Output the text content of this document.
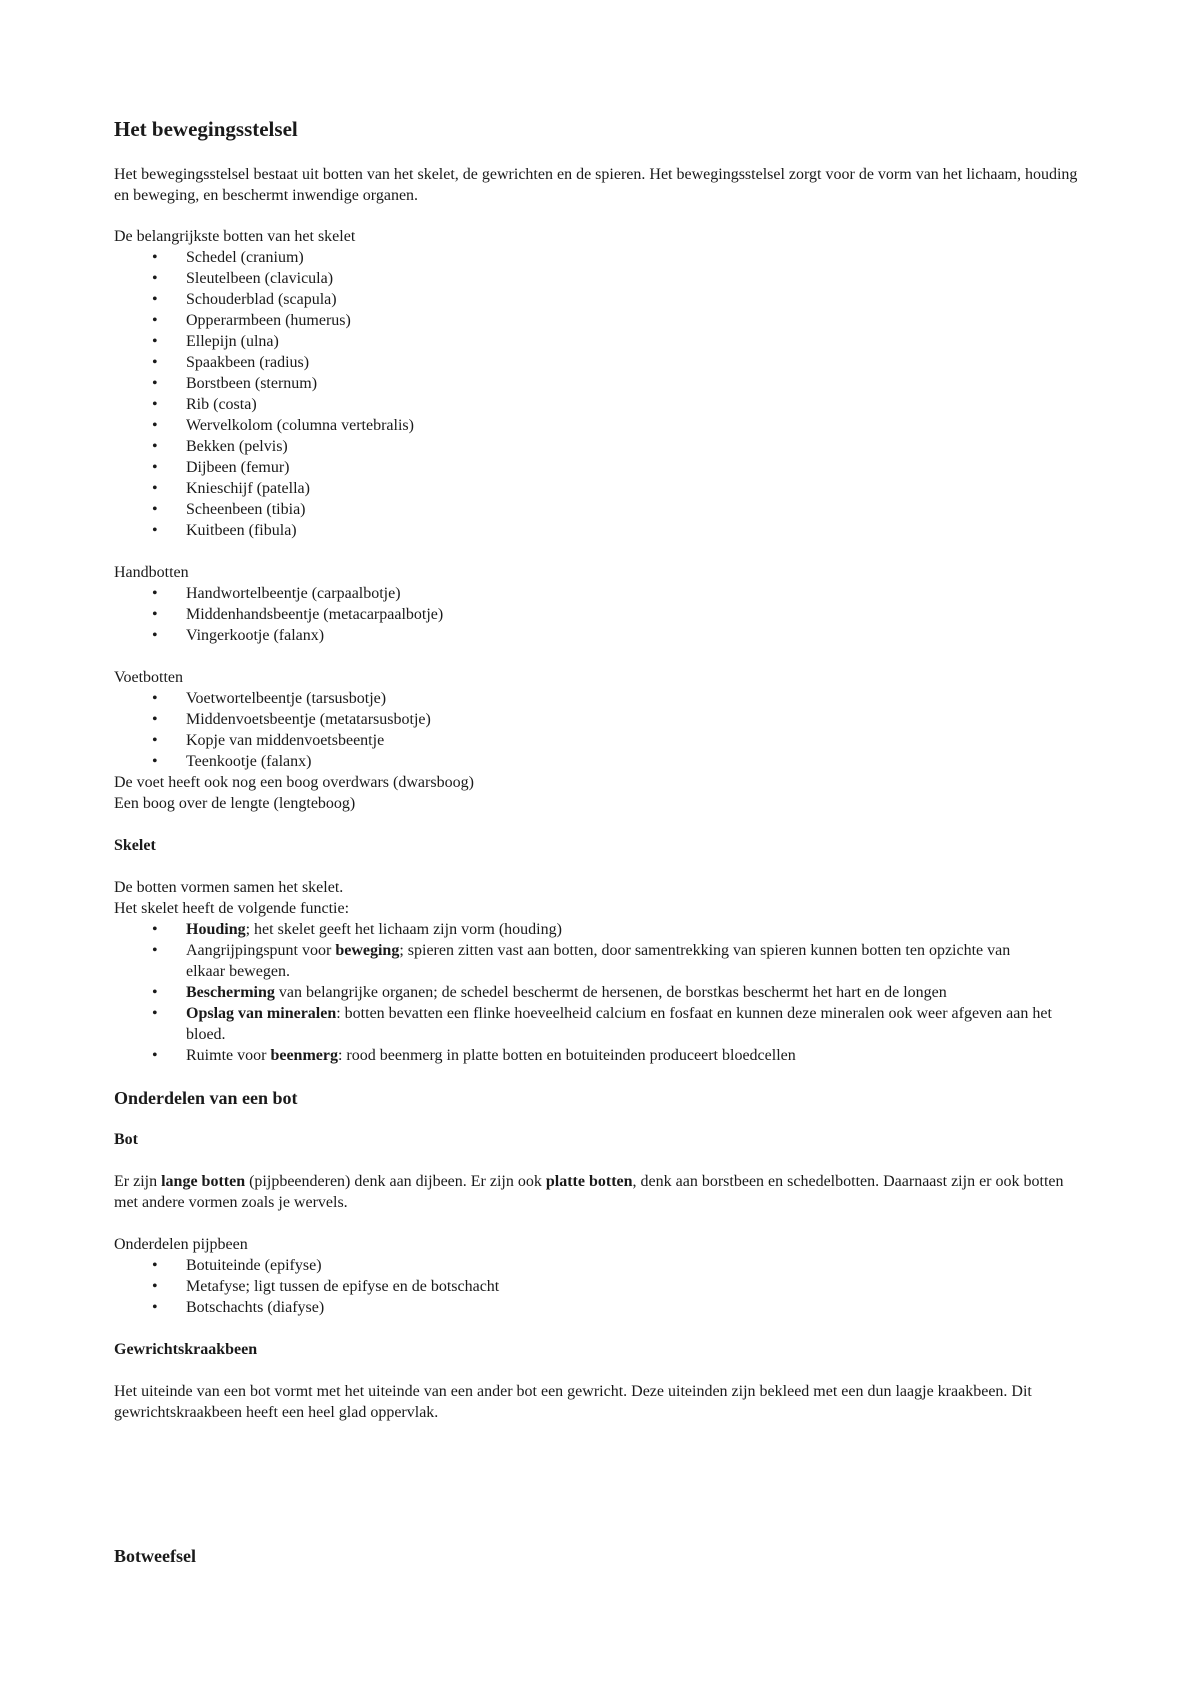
Het bewegingsstelsel

Het bewegingsstelsel bestaat uit botten van het skelet, de gewrichten en de spieren. Het bewegingsstelsel zorgt voor de vorm van het lichaam, houding en beweging, en beschermt inwendige organen.

De belangrijkste botten van het skelet

• Schedel (cranium)
• Sleutelbeen (clavicula)
• Schouderblad (scapula)
• Opperarmbeen (humerus)
• Ellepijn (ulna)
• Spaakbeen (radius)
• Borstbeen (sternum)
• Rib (costa)
• Wervelkolom (columna vertebralis)
• Bekken (pelvis)
• Dijbeen (femur)
• Knieschijf (patella)
• Scheenbeen (tibia)
• Kuitbeen (fibula)

Handbotten

• Handwortelbeentje (carpaalbotje)
• Middenhandsbeentje (metacarpaalbotje)
• Vingerkootje (falanx)

Voetbotten

• Voetwortelbeentje (tarsusbotje)
• Middenvoetsbeentje (metatarsusbotje)
• Kopje van middenvoetsbeentje
• Teenkootje (falanx)

De voet heeft ook nog een boog overdwars (dwarsboog)

Een boog over de lengte (lengteboog)

Skelet

De botten vormen samen het skelet.

Het skelet heeft de volgende functie:

• Houding; het skelet geeft het lichaam zijn vorm (houding)
• Aangrijpingspunt voor beweging; spieren zitten vast aan botten, door samentrekking van spieren kunnen botten ten opzichte van elkaar bewegen.
• Bescherming van belangrijke organen; de schedel beschermt de hersenen, de borstkas beschermt het hart en de longen
• Opslag van mineralen: botten bevatten een flinke hoeveelheid calcium en fosfaat en kunnen deze mineralen ook weer afgeven aan het bloed.
• Ruimte voor beenmerg: rood beenmerg in platte botten en botuiteinden produceert bloedcellen
Onderdelen van een bot
Bot

Er zijn lange botten (pijpbeenderen) denk aan dijbeen. Er zijn ook platte botten, denk aan borstbeen en schedelbotten. Daarnaast zijn er ook botten met andere vormen zoals je wervels.

Onderdelen pijpbeen

• Botuiteinde (epifyse)
• Metafyse; ligt tussen de epifyse en de botschacht
• Botschachts (diafyse)
Gewrichtskraakbeen

Het uiteinde van een bot vormt met het uiteinde van een ander bot een gewricht. Deze uiteinden zijn bekleed met een dun laagje kraakbeen. Dit gewrichtskraakbeen heeft een heel glad oppervlak.

Botweefsel
